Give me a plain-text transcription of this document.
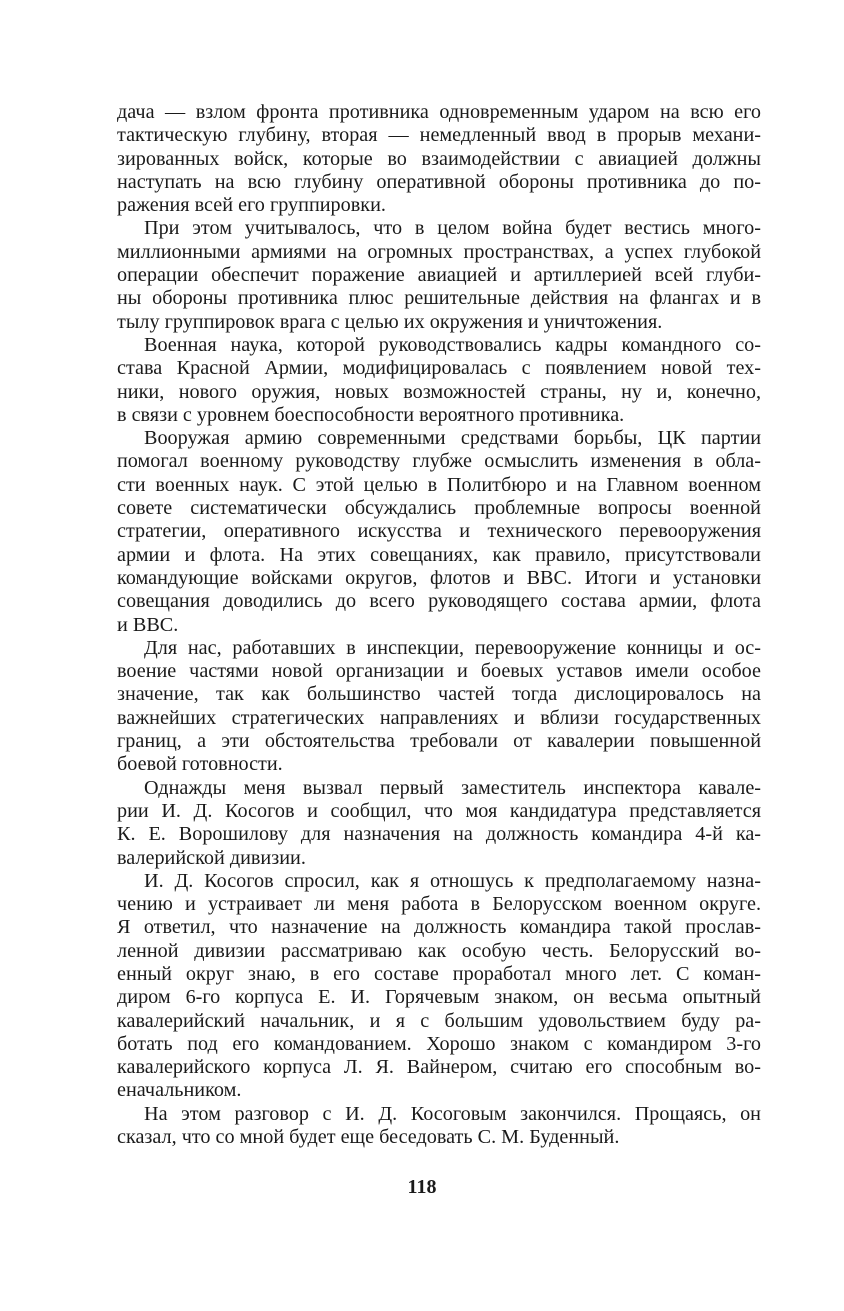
дача — взлом фронта противника одновременным ударом на всю его
тактическую глубину, вторая — немедленный ввод в прорыв механи-
зированных войск, которые во взаимодействии с авиацией должны
наступать на всю глубину оперативной обороны противника до по-
ражения всей его группировки.
При этом учитывалось, что в целом война будет вестись много-
миллионными армиями на огромных пространствах, а успех глубокой
операции обеспечит поражение авиацией и артиллерией всей глуби-
ны обороны противника плюс решительные действия на флангах и в
тылу группировок врага с целью их окружения и уничтожения.
Военная наука, которой руководствовались кадры командного со-
става Красной Армии, модифицировалась с появлением новой тех-
ники, нового оружия, новых возможностей страны, ну и, конечно,
в связи с уровнем боеспособности вероятного противника.
Вооружая армию современными средствами борьбы, ЦК партии
помогал военному руководству глубже осмыслить изменения в обла-
сти военных наук. С этой целью в Политбюро и на Главном военном
совете систематически обсуждались проблемные вопросы военной
стратегии, оперативного искусства и технического перевооружения
армии и флота. На этих совещаниях, как правило, присутствовали
командующие войсками округов, флотов и ВВС. Итоги и установки
совещания доводились до всего руководящего состава армии, флота
и ВВС.
Для нас, работавших в инспекции, перевооружение конницы и ос-
воение частями новой организации и боевых уставов имели особое
значение, так как большинство частей тогда дислоцировалось на
важнейших стратегических направлениях и вблизи государственных
границ, а эти обстоятельства требовали от кавалерии повышенной
боевой готовности.
Однажды меня вызвал первый заместитель инспектора кавале-
рии И. Д. Косогов и сообщил, что моя кандидатура представляется
К. Е. Ворошилову для назначения на должность командира 4-й ка-
валерийской дивизии.
И. Д. Косогов спросил, как я отношусь к предполагаемому назна-
чению и устраивает ли меня работа в Белорусском военном округе.
Я ответил, что назначение на должность командира такой прослав-
ленной дивизии рассматриваю как особую честь. Белорусский во-
енный округ знаю, в его составе проработал много лет. С коман-
диром 6-го корпуса Е. И. Горячевым знаком, он весьма опытный
кавалерийский начальник, и я с большим удовольствием буду ра-
ботать под его командованием. Хорошо знаком с командиром 3-го
кавалерийского корпуса Л. Я. Вайнером, считаю его способным во-
еначальником.
На этом разговор с И. Д. Косоговым закончился. Прощаясь, он
сказал, что со мной будет еще беседовать С. М. Буденный.
118
